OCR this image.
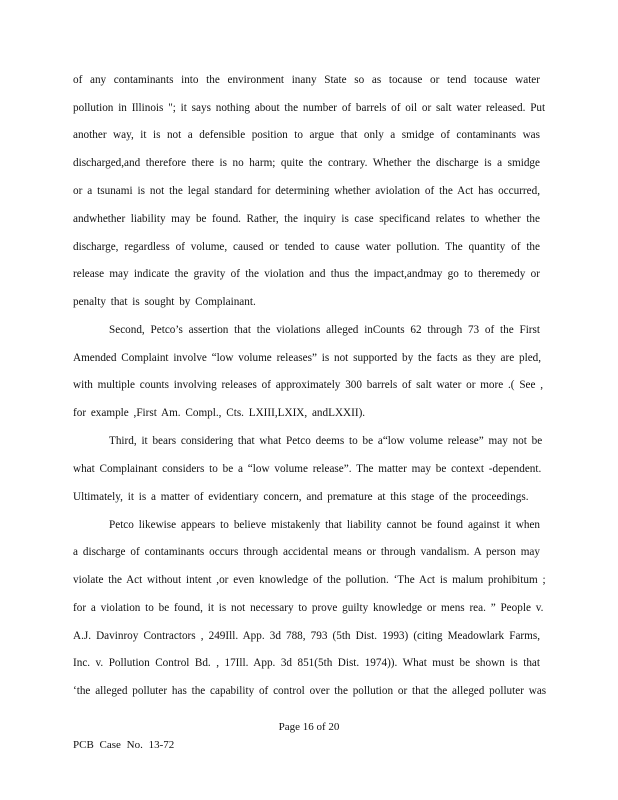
of any contaminants into the environment inany State so as tocause or tend tocause water
pollution in Illinois "; it says nothing about the number of barrels of oil or salt water released. Put
another way, it is not a defensible position to argue that only a smidge of contaminants was
discharged,and therefore there is no harm; quite the contrary. Whether the discharge is a smidge
or a tsunami is not the legal standard for determining whether aviolation of the Act has occurred,
andwhether liability may be found. Rather, the inquiry is case specificand relates to whether the
discharge, regardless of volume, caused or tended to cause water pollution. The quantity of the
release may indicate the gravity of the violation and thus the impact,andmay go to theremedy or
penalty that is sought by Complainant.
Second, Petco’s assertion that the violations alleged inCounts 62 through 73 of the First
Amended Complaint involve “low volume releases” is not supported by the facts as they are pled,
with multiple counts involving releases of approximately 300 barrels of salt water or more .( See ,
for example ,First Am. Compl., Cts. LXIII,LXIX, andLXXII).
Third, it bears considering that what Petco deems to be a“low volume release” may not be
what Complainant considers to be a “low volume release”. The matter may be context -dependent.
Ultimately, it is a matter of evidentiary concern, and premature at this stage of the proceedings.
Petco likewise appears to believe mistakenly that liability cannot be found against it when
a discharge of contaminants occurs through accidental means or through vandalism. A person may
violate the Act without intent ,or even knowledge of the pollution. ‘The Act is malum prohibitum ;
for a violation to be found, it is not necessary to prove guilty knowledge or mens rea. ” People v.
A.J. Davinroy Contractors , 249Ill. App. 3d 788, 793 (5th Dist. 1993) (citing Meadowlark Farms,
Inc. v. Pollution Control Bd. , 17Ill. App. 3d 851(5th Dist. 1974)). What must be shown is that
‘the alleged polluter has the capability of control over the pollution or that the alleged polluter was
Page 16 of 20
PCB Case No. 13-72
